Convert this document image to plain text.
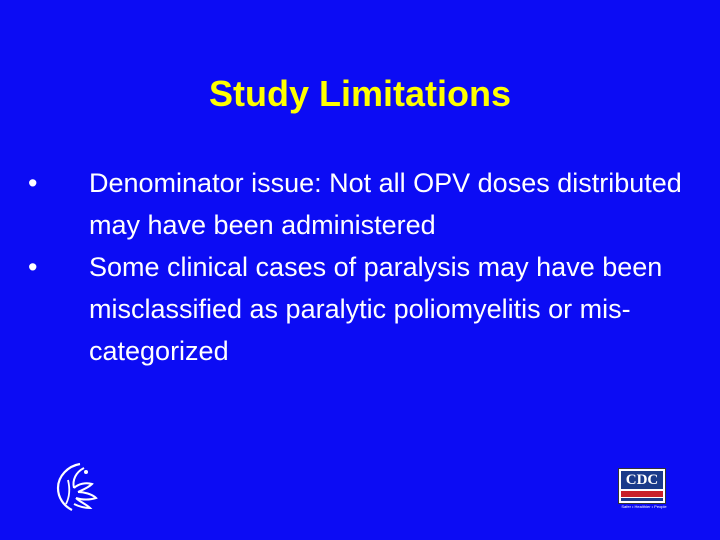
Study Limitations
•	Denominator issue: Not all OPV doses distributed may have been administered
•	Some clinical cases of paralysis may have been misclassified as paralytic poliomyelitis or mis-categorized
CDC
Safer • Healthier • People
